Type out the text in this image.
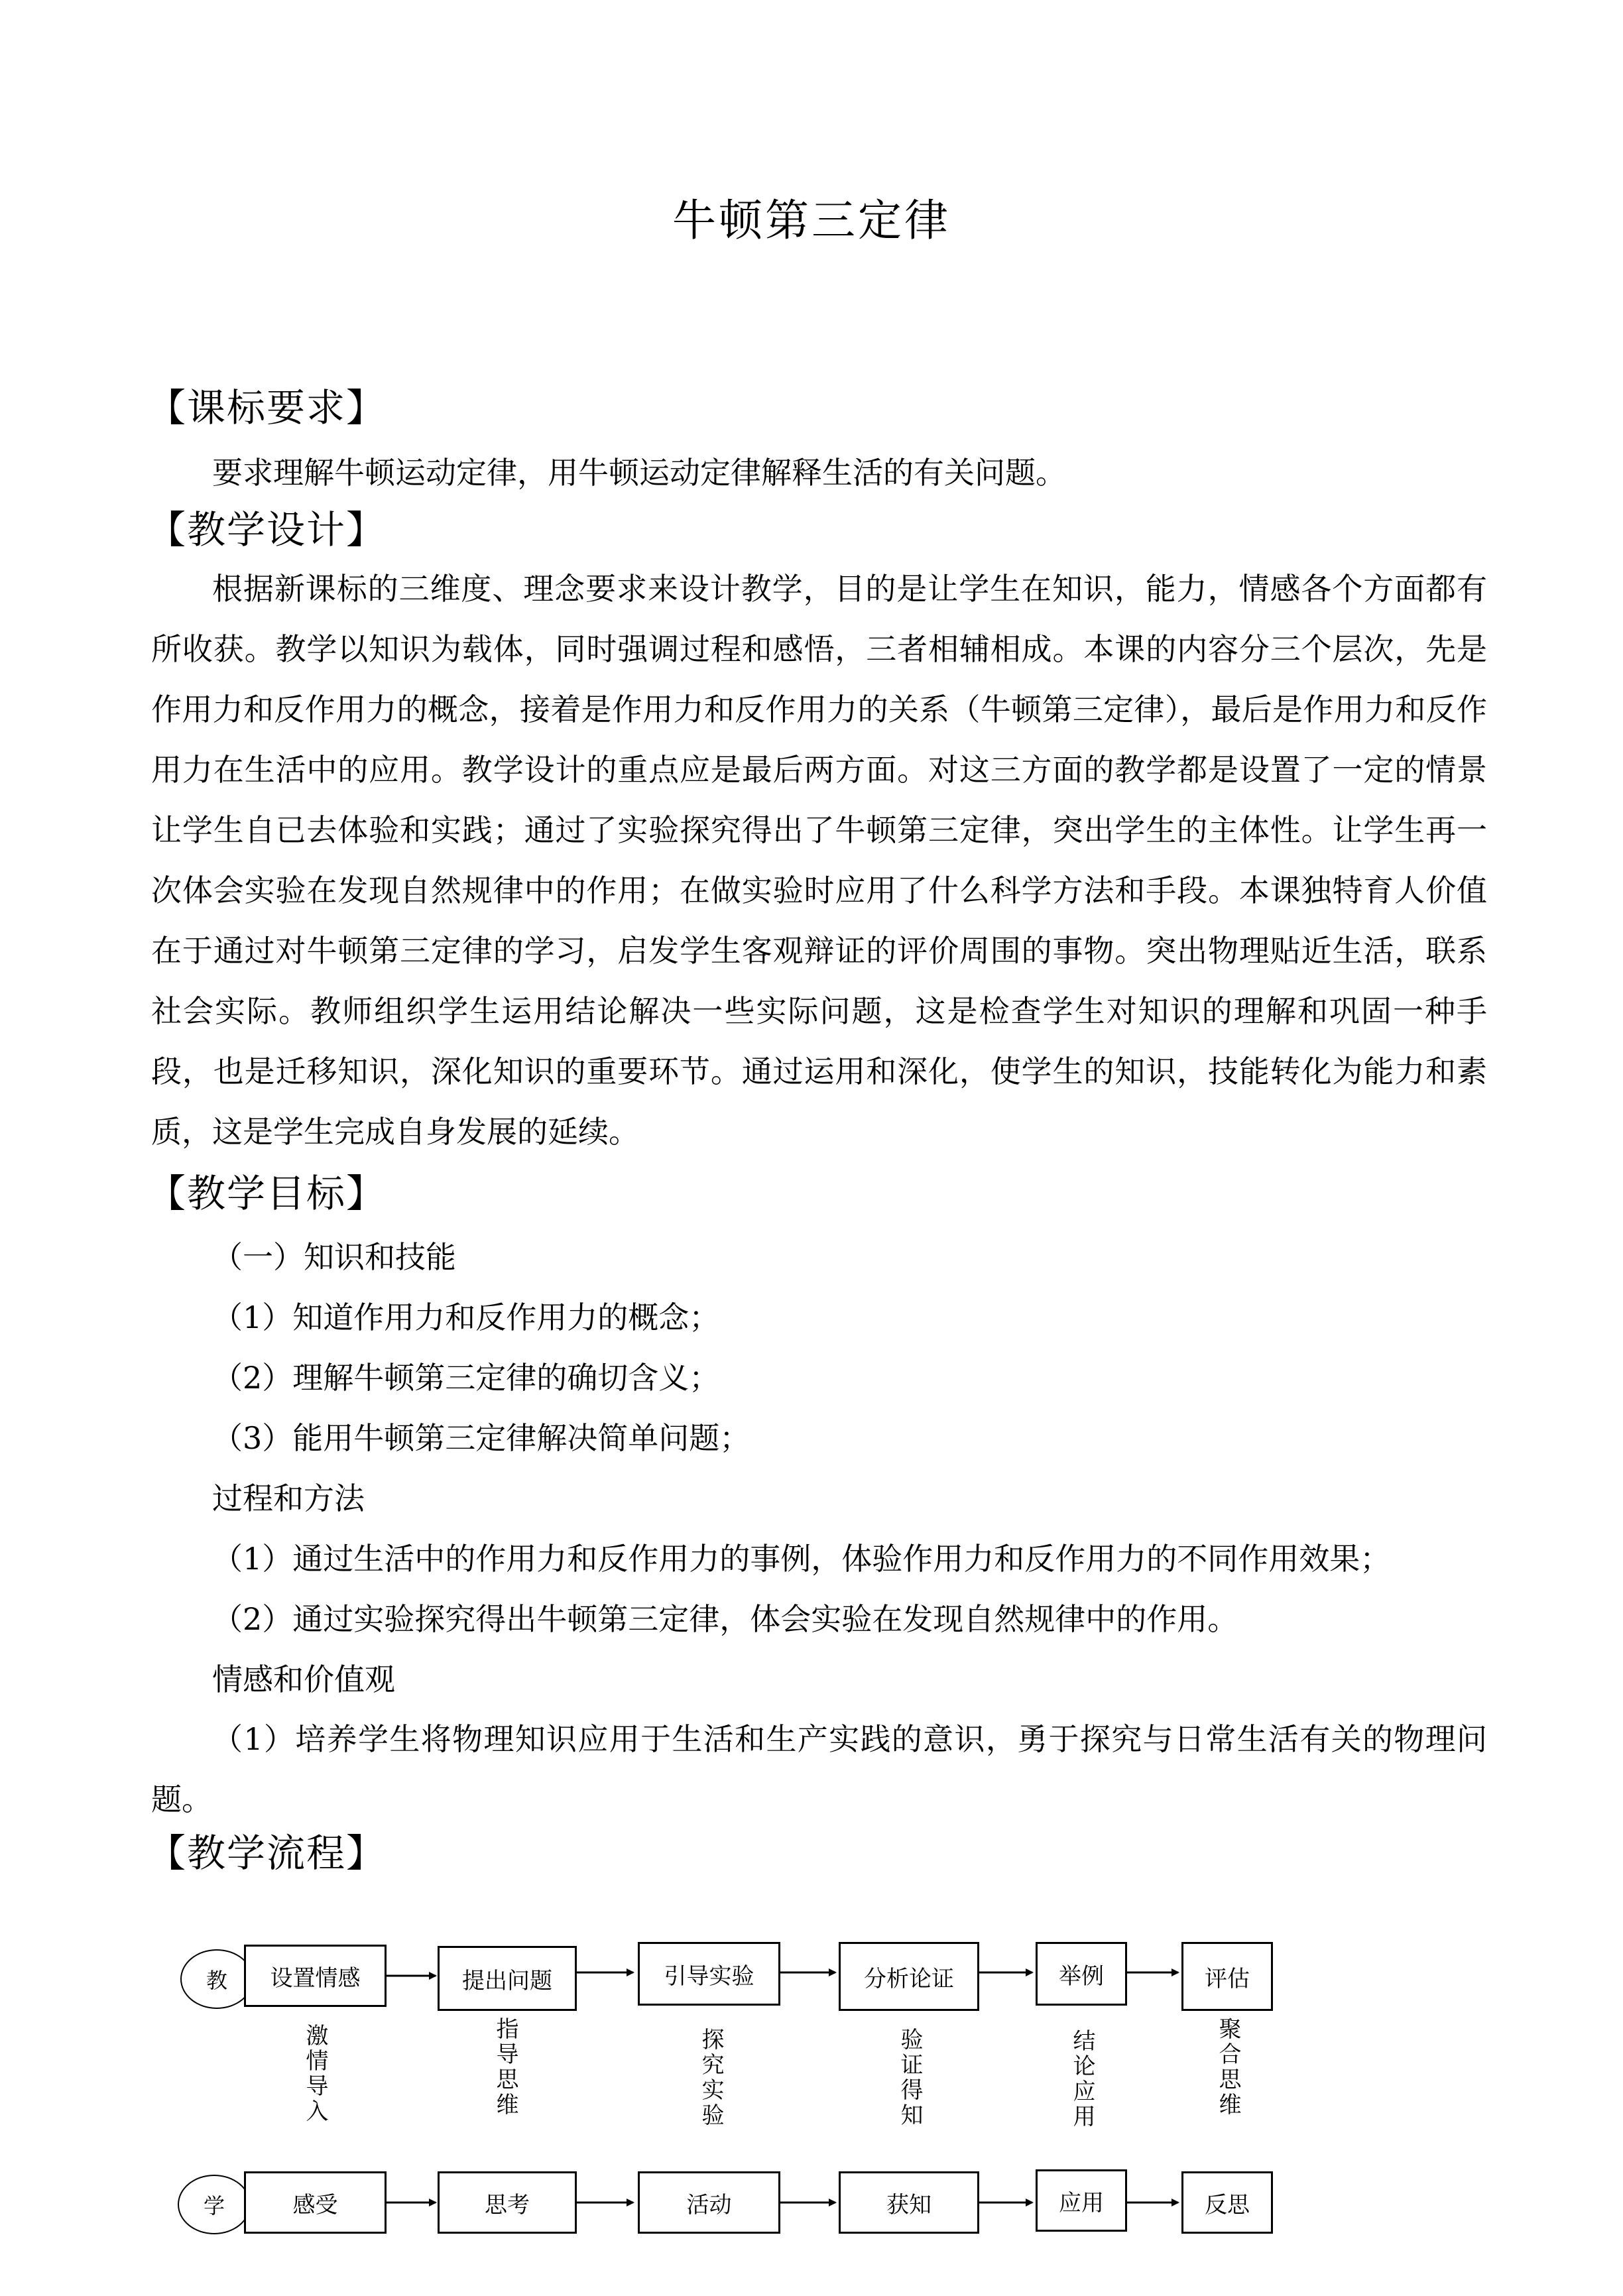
牛顿第三定律
【课标要求】
要求理解牛顿运动定律，用牛顿运动定律解释生活的有关问题。
【教学设计】

根据新课标的三维度、理念要求来设计教学，目的是让学生在知识，能力，情感各个方面都有所收获。教学以知识为载体，同时强调过程和感悟，三者相辅相成。本课的内容分三个层次，先是作用力和反作用力的概念，接着是作用力和反作用力的关系（牛顿第三定律），最后是作用力和反作用力在生活中的应用。教学设计的重点应是最后两方面。对这三方面的教学都是设置了一定的情景让学生自已去体验和实践；通过了实验探究得出了牛顿第三定律，突出学生的主体性。让学生再一次体会实验在发现自然规律中的作用；在做实验时应用了什么科学方法和手段。本课独特育人价值在于通过对牛顿第三定律的学习，启发学生客观辩证的评价周围的事物。突出物理贴近生活，联系社会实际。教师组织学生运用结论解决一些实际问题，这是检查学生对知识的理解和巩固一种手段，也是迁移知识，深化知识的重要环节。通过运用和深化，使学生的知识，技能转化为能力和素质，这是学生完成自身发展的延续。

【教学目标】
（一）知识和技能
（1）知道作用力和反作用力的概念；
（2）理解牛顿第三定律的确切含义；
（3）能用牛顿第三定律解决简单问题；
过程和方法
（1）通过生活中的作用力和反作用力的事例，体验作用力和反作用力的不同作用效果；
（2）通过实验探究得出牛顿第三定律，体会实验在发现自然规律中的作用。
情感和价值观

（1）培养学生将物理知识应用于生活和生产实践的意识，勇于探究与日常生活有关的物理问题。

【教学流程】
教
学
设置情感	提出问题	引导实验	分析论证	举例	评估
激情导入	指导思维	探究实验	验证得知	结论应用	聚合思维
感受	思考	活动	获知	应用	反思
